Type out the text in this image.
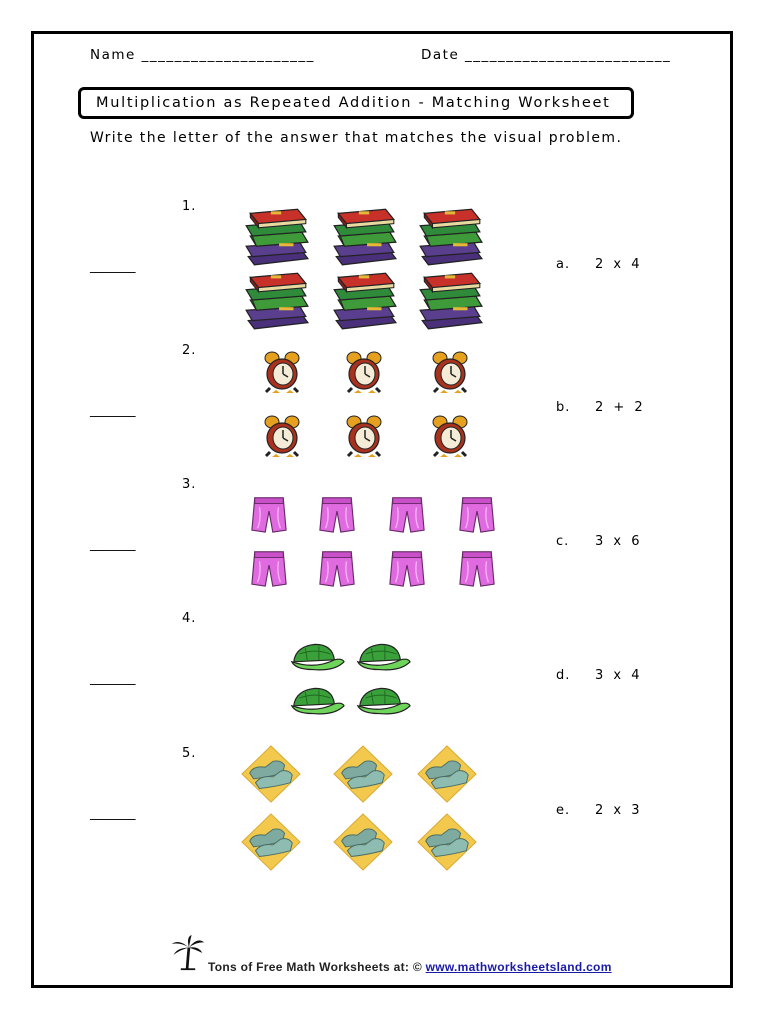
Name _____________________	Date _________________________
Multiplication as Repeated Addition - Matching Worksheet
Write the letter of the answer that matches the visual problem.
1.
_______	a. 2 x 4
2.
_______	b. 2 + 2
3.
_______	c. 3 x 6
4.
_______	d. 3 x 4
5.
_______	e. 2 x 3
Tons of Free Math Worksheets at: © www.mathworksheetsland.com
